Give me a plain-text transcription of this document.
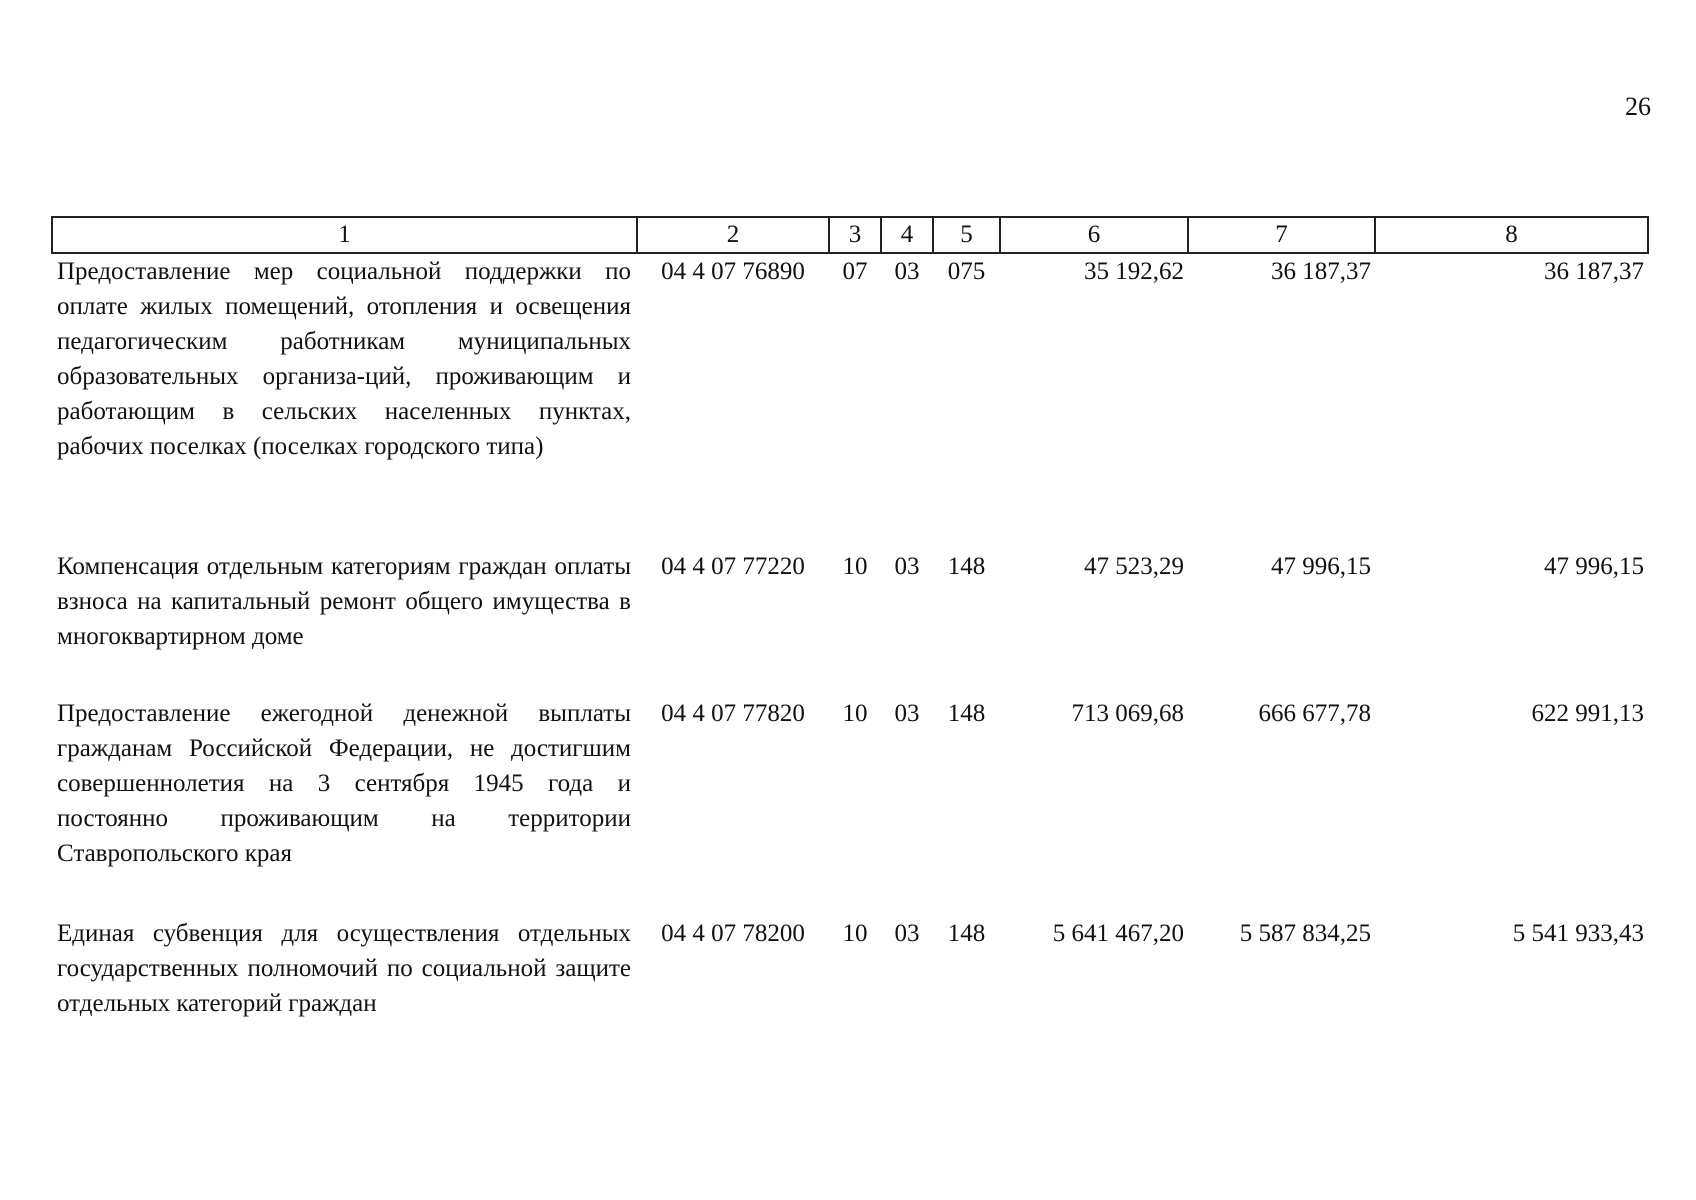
26
1	2	3	4	5	6	7	8
Предоставление мер социальной поддержки по оплате жилых помещений, отопления и освещения педагогическим работникам муниципальных образовательных организа-ций, проживающим и работающим в сельских населенных пунктах, рабочих поселках (поселках городского типа)	04 4 07 76890	07	03	075	35 192,62	36 187,37	36 187,37
Компенсация отдельным категориям граждан оплаты взноса на капитальный ремонт общего имущества в многоквартирном доме	04 4 07 77220	10	03	148	47 523,29	47 996,15	47 996,15
Предоставление ежегодной денежной выплаты гражданам Российской Федерации, не достигшим совершеннолетия на 3 сентября 1945 года и постоянно проживающим на территории Ставропольского края	04 4 07 77820	10	03	148	713 069,68	666 677,78	622 991,13
Единая субвенция для осуществления отдельных государственных полномочий по социальной защите отдельных категорий граждан	04 4 07 78200	10	03	148	5 641 467,20	5 587 834,25	5 541 933,43
